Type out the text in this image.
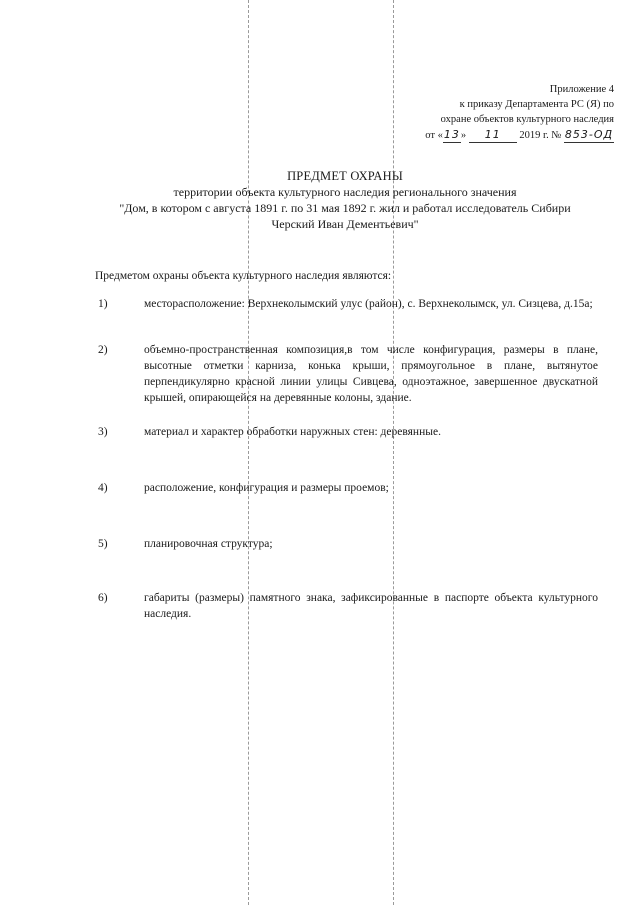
Приложение 4
к приказу Департамента РС (Я) по
охране объектов культурного наследия
от «13» 11 2019 г. № 853-ОД
ПРЕДМЕТ ОХРАНЫ
территории объекта культурного наследия регионального значения
"Дом, в котором с августа 1891 г. по 31 мая 1892 г. жил и работал исследователь Сибири
Черский Иван Дементьевич"
Предметом охраны объекта культурного наследия являются:
1)	месторасположение: Верхнеколымский улус (район), с. Верхнеколымск, ул. Сизцева, д.15а;
2)	объемно-пространственная композиция,в том числе конфигурация, размеры в плане, высотные отметки карниза, конька крыши, прямоугольное в плане, вытянутое перпендикулярно красной линии улицы Сивцева, одноэтажное, завершенное двускатной крышей, опирающейся на деревянные колоны, здание.
3)	материал и характер обработки наружных стен: деревянные.
4)	расположение, конфигурация и размеры проемов;
5)	планировочная структура;
6)	габариты (размеры) памятного знака, зафиксированные в паспорте объекта культурного наследия.
